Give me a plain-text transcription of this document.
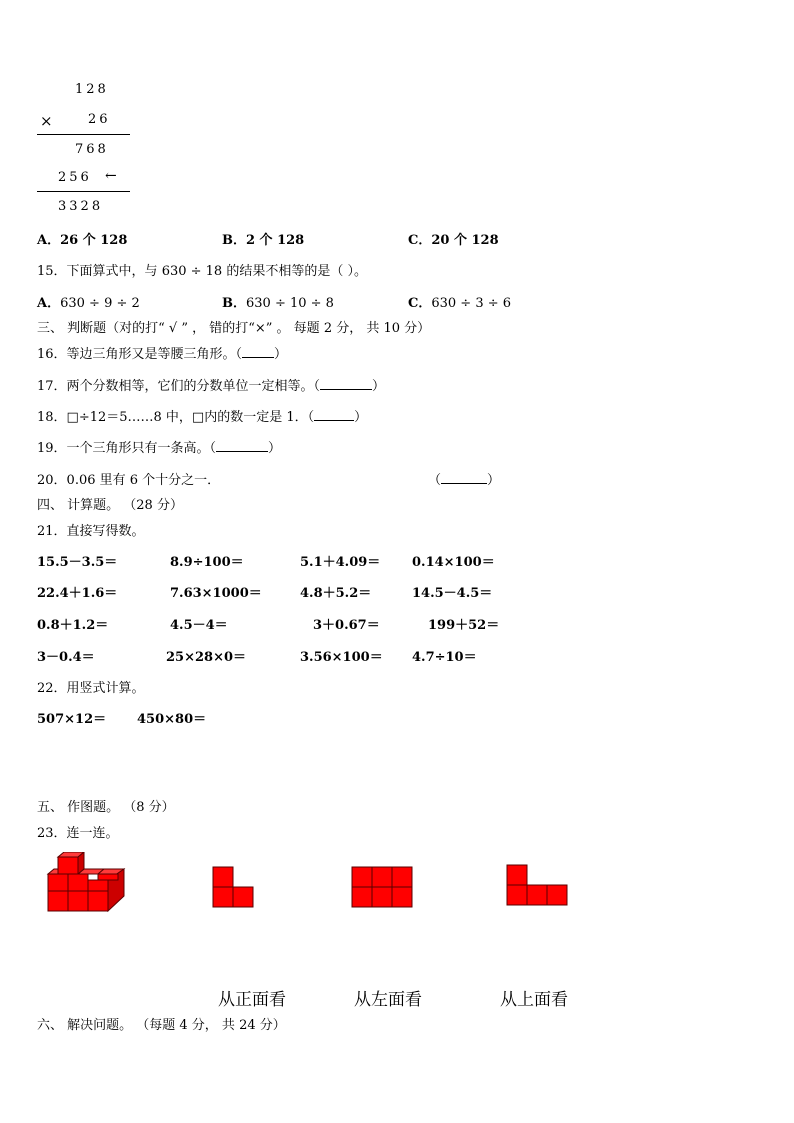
128
×	26
768
256 ←
3328
A．26 个 128	B．2 个 128	C．20 个 128
15．下面算式中，与 630 ÷ 18 的结果不相等的是（ ）。
A．630 ÷ 9 ÷ 2	B．630 ÷ 10 ÷ 8	C．630 ÷ 3 ÷ 6
三、 判断题（对的打“ √ ” ， 错的打“×” 。 每题 2 分， 共 10 分）
16．等边三角形又是等腰三角形。（ ）
17．两个分数相等，它们的分数单位一定相等。（	）
18．□÷12＝5……8 中，□内的数一定是 1．（	）
19．一个三角形只有一条高。（	）
20．0.06 里有 6 个十分之一．	（	）
四、 计算题。 （28 分）
21．直接写得数。
15.5－3.5＝	8.9÷100＝	5.1＋4.09＝ 0.14×100＝
22.4＋1.6＝	7.63×1000＝	4.8＋5.2＝	14.5－4.5＝
0.8＋1.2＝	4.5－4＝	3＋0.67＝	199＋52＝
3－0.4＝	25×28×0＝	3.56×100＝ 4.7÷10＝
22．用竖式计算。
507×12＝ 450×80＝
五、 作图题。 （8 分）
23．连一连。
从正面看	从左面看	从上面看
六、 解决问题。 （每题 4 分， 共 24 分）
